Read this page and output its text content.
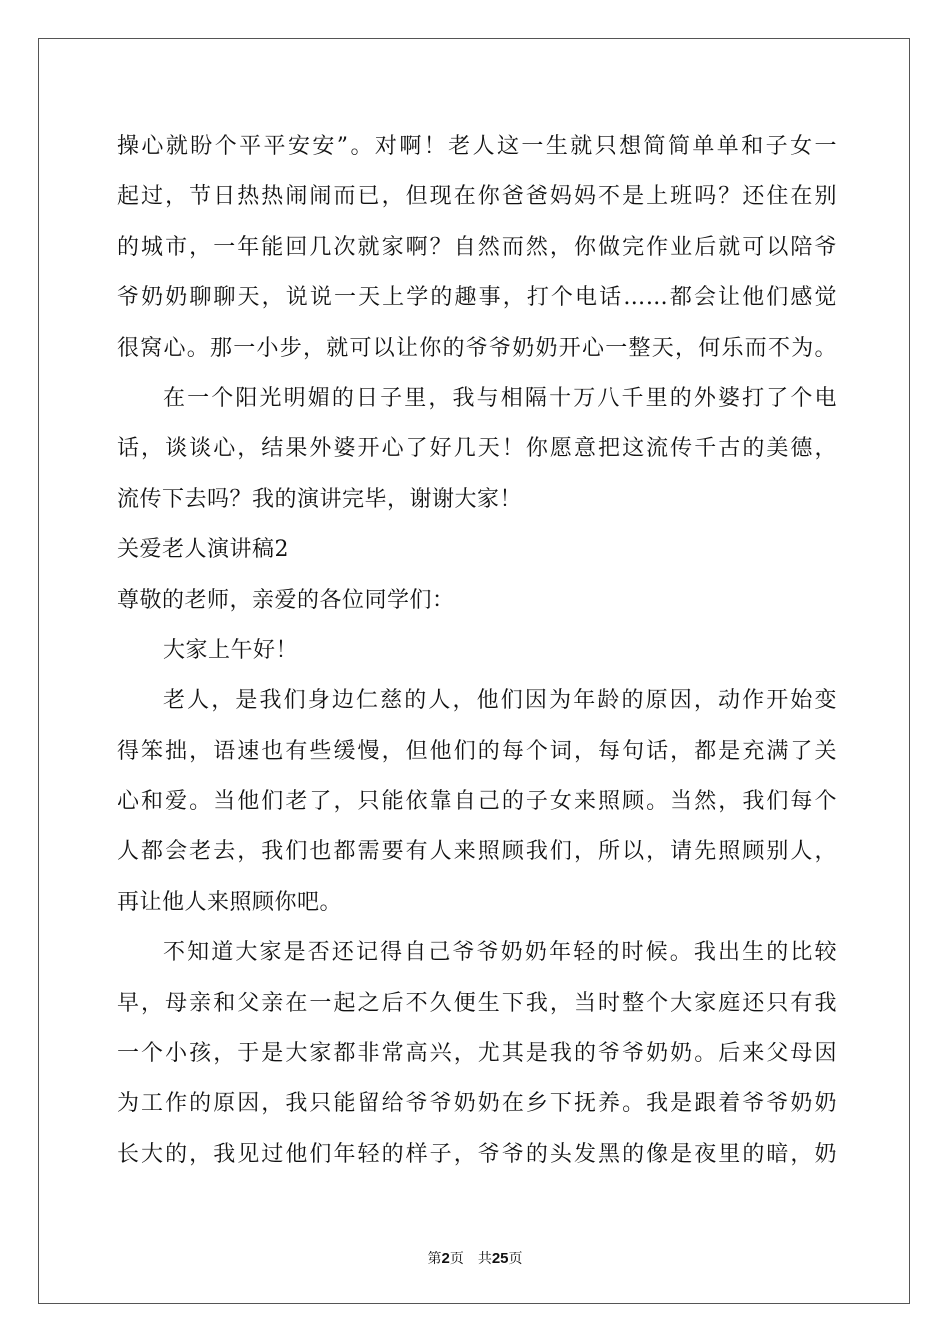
操心就盼个平平安安”。对啊！老人这一生就只想简简单单和子女一
起过，节日热热闹闹而已，但现在你爸爸妈妈不是上班吗？还住在别
的城市，一年能回几次就家啊？自然而然，你做完作业后就可以陪爷
爷奶奶聊聊天，说说一天上学的趣事，打个电话……都会让他们感觉
很窝心。那一小步，就可以让你的爷爷奶奶开心一整天，何乐而不为。
在一个阳光明媚的日子里，我与相隔十万八千里的外婆打了个电
话，谈谈心，结果外婆开心了好几天！你愿意把这流传千古的美德，
流传下去吗？我的演讲完毕，谢谢大家！
关爱老人演讲稿2
尊敬的老师，亲爱的各位同学们：
大家上午好！
老人，是我们身边仁慈的人，他们因为年龄的原因，动作开始变
得笨拙，语速也有些缓慢，但他们的每个词，每句话，都是充满了关
心和爱。当他们老了，只能依靠自己的子女来照顾。当然，我们每个
人都会老去，我们也都需要有人来照顾我们，所以，请先照顾别人，
再让他人来照顾你吧。
不知道大家是否还记得自己爷爷奶奶年轻的时候。我出生的比较
早，母亲和父亲在一起之后不久便生下我，当时整个大家庭还只有我
一个小孩，于是大家都非常高兴，尤其是我的爷爷奶奶。后来父母因
为工作的原因，我只能留给爷爷奶奶在乡下抚养。我是跟着爷爷奶奶
长大的，我见过他们年轻的样子，爷爷的头发黑的像是夜里的暗，奶
第2页　共25页
